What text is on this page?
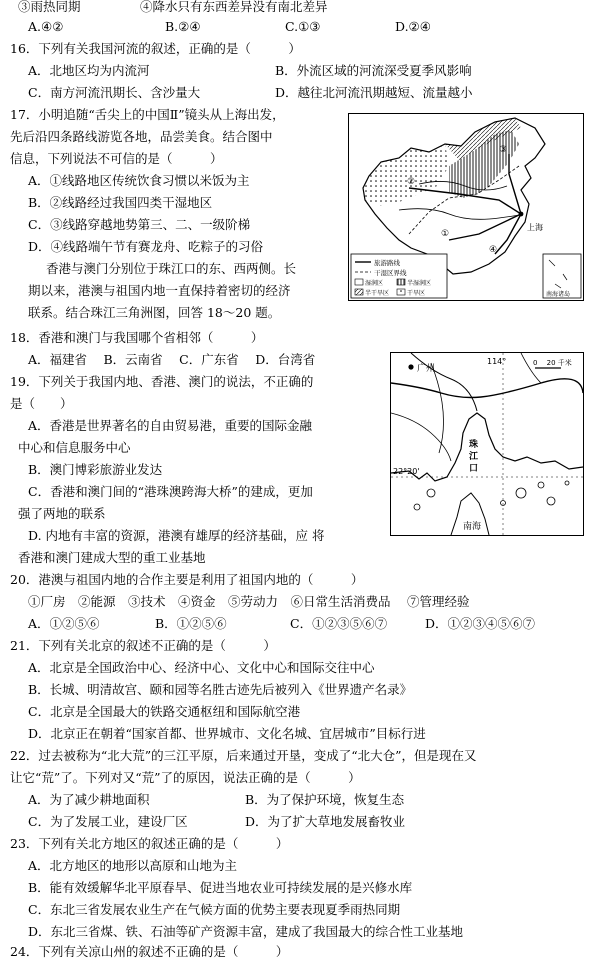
③雨热同期	④降水只有东西差异没有南北差异
A.④②	B.②④	C.①③	D.②④
16．下列有关我国河流的叙述，正确的是（　　　）
A．北地区均为内流河	B．外流区域的河流深受夏季风影响
C．南方河流汛期长、含沙量大	D．越往北河流汛期越短、流量越小
17．小明追随“舌尖上的中国Ⅱ”镜头从上海出发，
先后沿四条路线游览各地，品尝美食。结合图中
信息，下列说法不可信的是（　　　）
A．①线路地区传统饮食习惯以米饭为主
B．②线路经过我国四类干湿地区
C．③线路穿越地势第三、二、一级阶梯
D．④线路端午节有赛龙舟、吃粽子的习俗
上海
①
②
③
④
旅游路线
干湿区界线
湿润区	半湿润区
半干旱区	干旱区	南海诸岛
香港与澳门分别位于珠江口的东、西两侧。长
期以来，港澳与祖国内地一直保持着密切的经济
联系。结合珠江三角洲图，回答 18～20 题。
18．香港和澳门与我国哪个省相邻（　　　）
A．福建省　 B．云南省　 C．广东省　 D．台湾省
19．下列关于我国内地、香港、澳门的说法，不正确的
是（　　）
A．香港是世界著名的自由贸易港，重要的国际金融
中心和信息服务中心
B．澳门博彩旅游业发达
C．香港和澳门间的“港珠澳跨海大桥”的建成，更加
强了两地的联系
D. 内地有丰富的资源，港澳有雄厚的经济基础，应 将
香港和澳门建成大型的重工业基地
广州
114°	0　 20 千米
珠
江
口
22°20'
南海
20．港澳与祖国内地的合作主要是利用了祖国内地的（　　　）
①厂房　②能源　③技术　④资金　⑤劳动力　⑥日常生活消费品　 ⑦管理经验
A．①②⑤⑥	B．①②⑤⑥	C．①②③⑤⑥⑦	D．①②③④⑤⑥⑦
21．下列有关北京的叙述不正确的是（　　　）
A．北京是全国政治中心、经济中心、文化中心和国际交往中心
B．长城、明清故宫、颐和园等名胜古迹先后被列入《世界遗产名录》
C．北京是全国最大的铁路交通枢纽和国际航空港
D．北京正在朝着“国家首都、世界城市、文化名城、宜居城市”目标行进
22．过去被称为“北大荒”的三江平原，后来通过开垦，变成了“北大仓”，但是现在又
让它“荒”了。下列对又“荒”了的原因，说法正确的是（　　　）
A．为了减少耕地面积	B．为了保护环境，恢复生态
C．为了发展工业，建设厂区	D．为了扩大草地发展畜牧业
23．下列有关北方地区的叙述正确的是（　　　）
A．北方地区的地形以高原和山地为主
B．能有效缓解华北平原春旱、促进当地农业可持续发展的是兴修水库
C．东北三省发展农业生产在气候方面的优势主要表现夏季雨热同期
D．东北三省煤、铁、石油等矿产资源丰富，建成了我国最大的综合性工业基地
24．下列有关凉山州的叙述不正确的是（　　　）
